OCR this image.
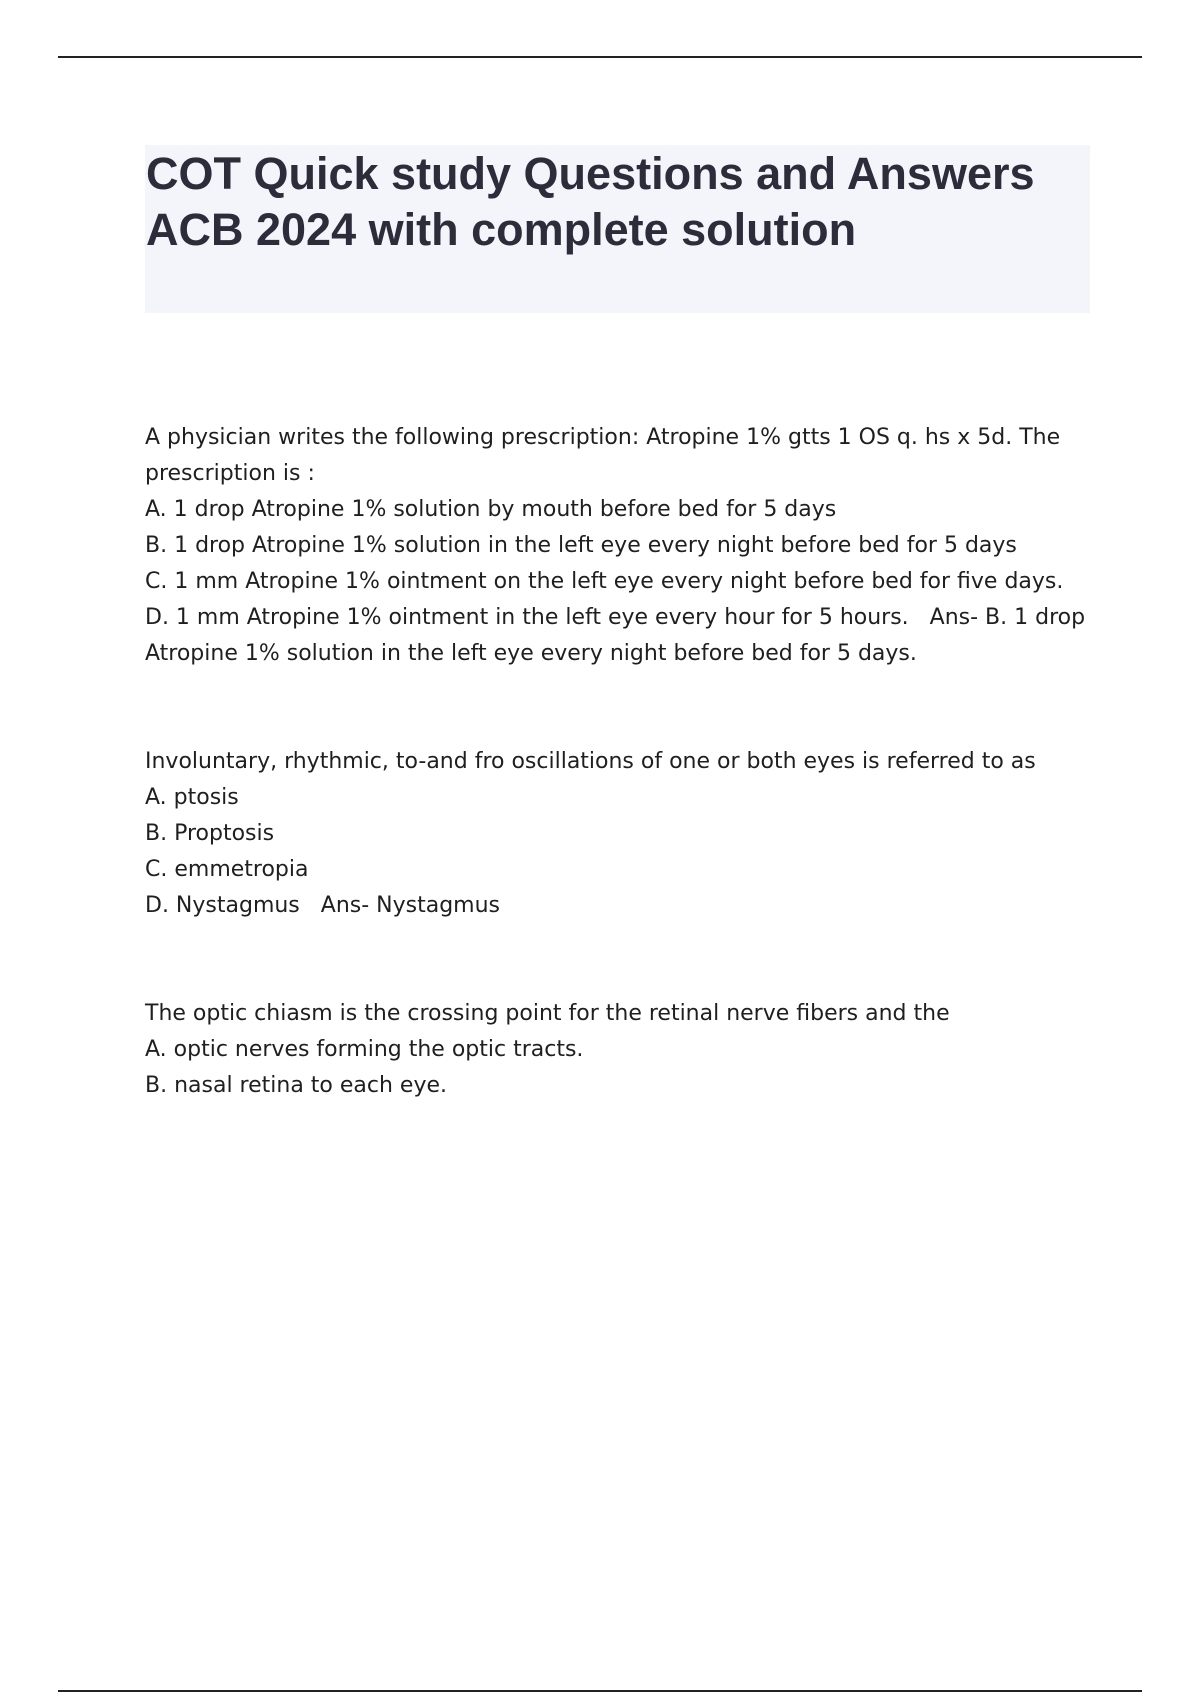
COT Quick study Questions and Answers ACB 2024 with complete solution

A physician writes the following prescription: Atropine 1% gtts 1 OS q. hs x 5d. The prescription is :

A. 1 drop Atropine 1% solution by mouth before bed for 5 days

B. 1 drop Atropine 1% solution in the left eye every night before bed for 5 days

C. 1 mm Atropine 1% ointment on the left eye every night before bed for five days.

D. 1 mm Atropine 1% ointment in the left eye every hour for 5 hours. Ans- B. 1 drop Atropine 1% solution in the left eye every night before bed for 5 days.

Involuntary, rhythmic, to-and fro oscillations of one or both eyes is referred to as

A. ptosis

B. Proptosis

C. emmetropia

D. Nystagmus Ans- Nystagmus

The optic chiasm is the crossing point for the retinal nerve fibers and the

A. optic nerves forming the optic tracts.

B. nasal retina to each eye.
